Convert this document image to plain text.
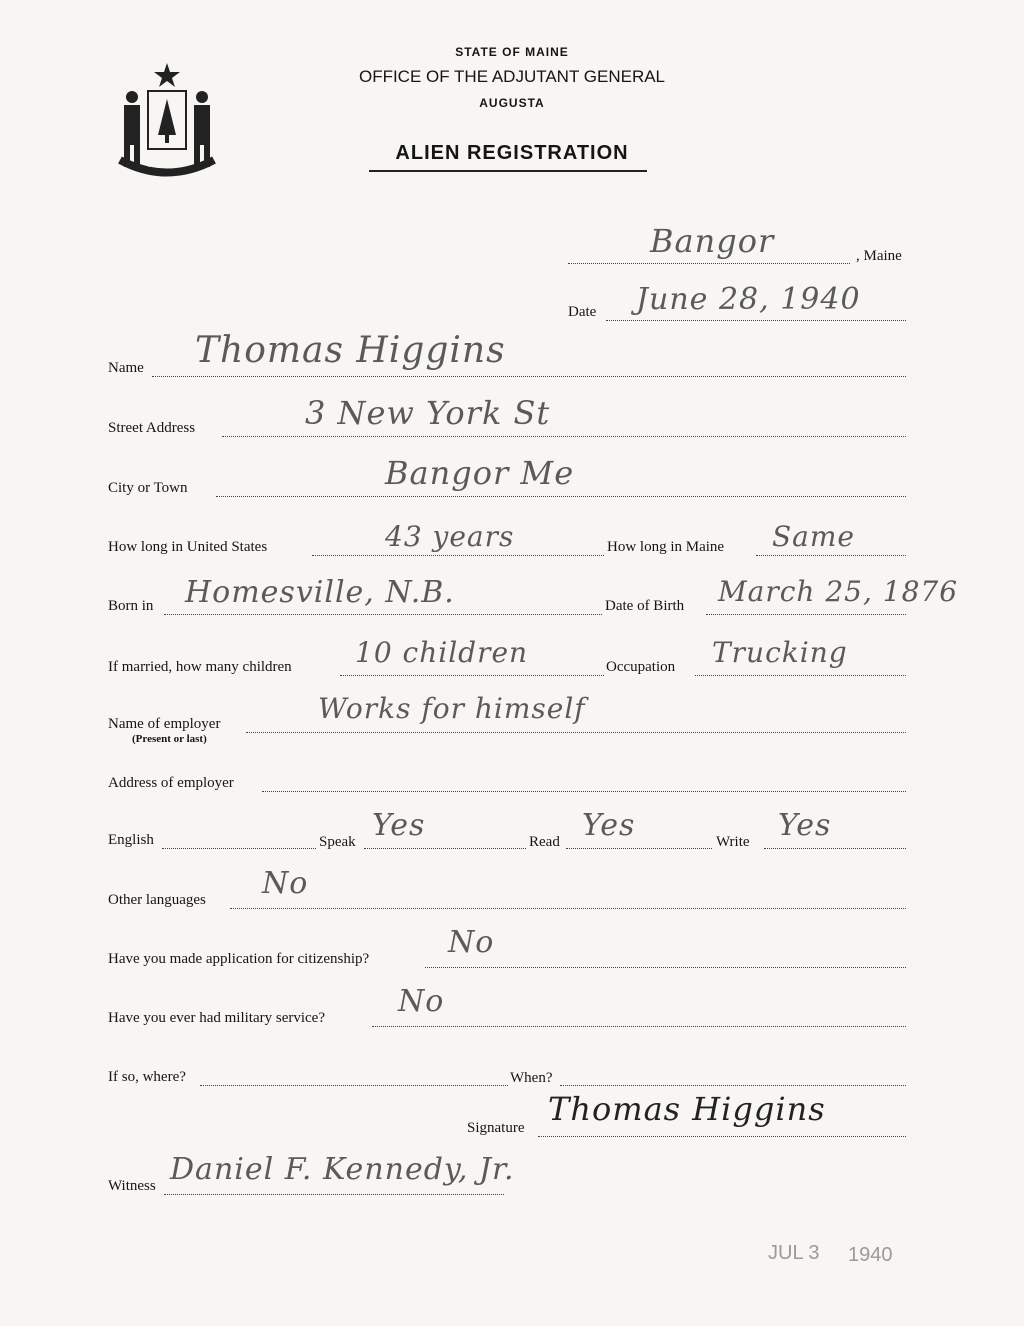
MAINE
STATE OF MAINE
OFFICE OF THE ADJUTANT GENERAL
AUGUSTA
ALIEN REGISTRATION
Bangor	, Maine
Date June 28, 1940
Name Thomas Higgins
Street Address	3 New York St
City or Town	Bangor Me
How long in United States	43 years	How long in Maine Same
Born in Homesville, N.B.	Date of Birth March 25, 1876
If married, how many children 10 children	Occupation Trucking
Name of employer
(Present or last)
Works for himself
Address of employer
English	Speak Yes	Read Yes	Write Yes
Other languages No
Have you made application for citizenship?	No
Have you ever had military service? No
If so, where?	When?
Signature Thomas Higgins
Witness Daniel F. Kennedy, Jr.
JUL 3 1940
